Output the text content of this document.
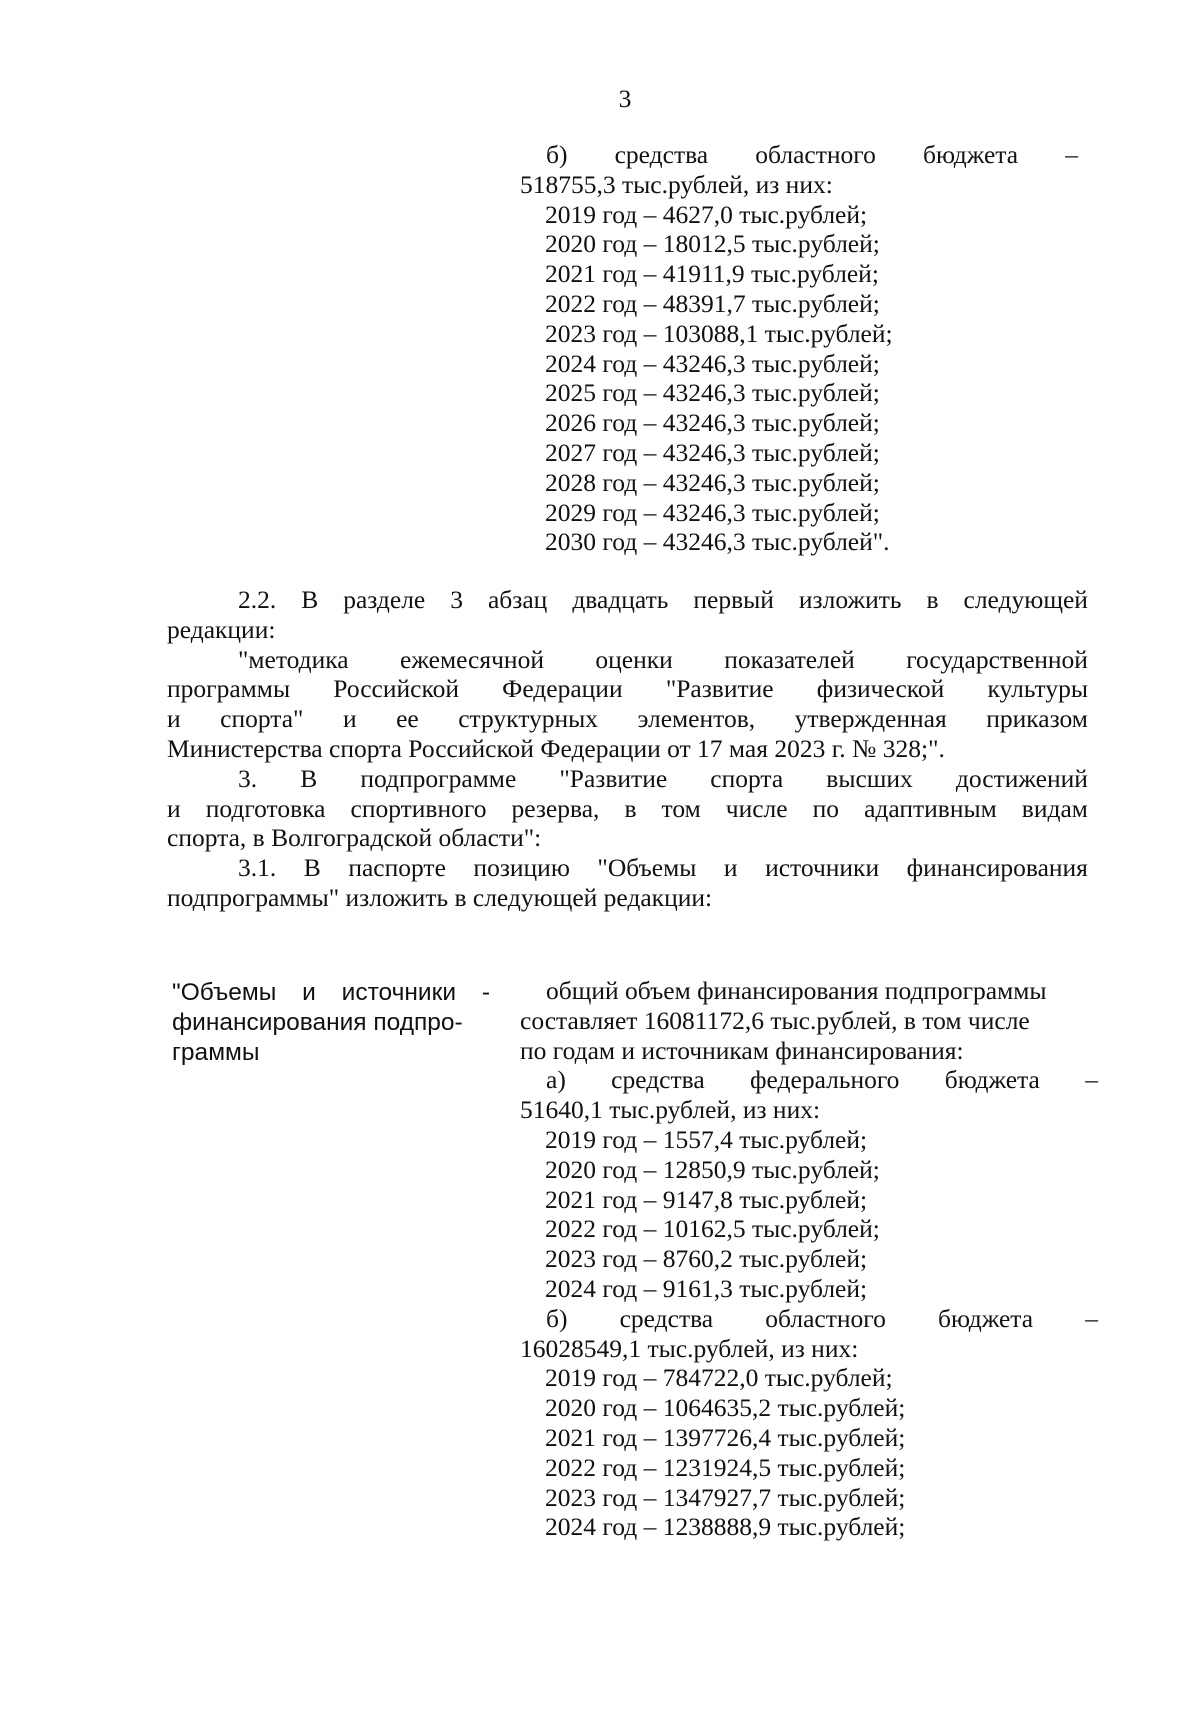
3
б) средства областного бюджета –
518755,3 тыс.рублей, из них:
2019 год – 4627,0 тыс.рублей;
2020 год – 18012,5 тыс.рублей;
2021 год – 41911,9 тыс.рублей;
2022 год – 48391,7 тыс.рублей;
2023 год – 103088,1 тыс.рублей;
2024 год – 43246,3 тыс.рублей;
2025 год – 43246,3 тыс.рублей;
2026 год – 43246,3 тыс.рублей;
2027 год – 43246,3 тыс.рублей;
2028 год – 43246,3 тыс.рублей;
2029 год – 43246,3 тыс.рублей;
2030 год – 43246,3 тыс.рублей".
2.2. В разделе 3 абзац двадцать первый изложить в следующей
редакции:
"методика ежемесячной оценки показателей государственной
программы Российской Федерации "Развитие физической культуры
и спорта" и ее структурных элементов, утвержденная приказом
Министерства спорта Российской Федерации от 17 мая 2023 г. № 328;".
3. В подпрограмме "Развитие спорта высших достижений
и подготовка спортивного резерва, в том числе по адаптивным видам
спорта, в Волгоградской области":
3.1. В паспорте позицию "Объемы и источники финансирования
подпрограммы" изложить в следующей редакции:
"Объемы и источники -
финансирования подпро-
граммы
общий объем финансирования подпрограммы
составляет 16081172,6 тыс.рублей, в том числе
по годам и источникам финансирования:
а) средства федерального бюджета –
51640,1 тыс.рублей, из них:
2019 год – 1557,4 тыс.рублей;
2020 год – 12850,9 тыс.рублей;
2021 год – 9147,8 тыс.рублей;
2022 год – 10162,5 тыс.рублей;
2023 год – 8760,2 тыс.рублей;
2024 год – 9161,3 тыс.рублей;
б) средства областного бюджета –
16028549,1 тыс.рублей, из них:
2019 год – 784722,0 тыс.рублей;
2020 год – 1064635,2 тыс.рублей;
2021 год – 1397726,4 тыс.рублей;
2022 год – 1231924,5 тыс.рублей;
2023 год – 1347927,7 тыс.рублей;
2024 год – 1238888,9 тыс.рублей;
